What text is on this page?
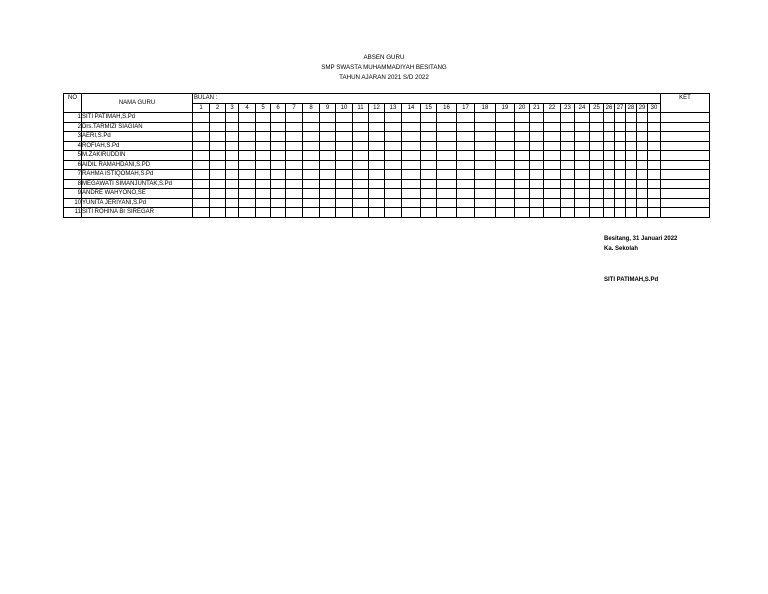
ABSEN GURU
SMP SWASTA MUHAMMADIYAH BESITANG
TAHUN AJARAN 2021 S/D 2022
NO	NAMA GURU	BULAN :																														KET
		1	2	3	4	5	6	7	8	9	10	11	12	13	14	15	16	17	18	19	20	21	22	23	24	25	26	27	28	29	30	
1	SITI PATIMAH,S.Pd																															
2	Drs.TARMIZI SIAGIAN																															
3	AERI,S.Pd																															
4	ROFIAH,S.Pd																															
5	M.ZAKIRUDDIN																															
6	AIDIL RAMAHDANI,S.PD																															
7	RAHMA ISTIQOMAH,S.Pd																															
8	MEGAWATI SIMANJUNTAK,S.Pd																															
9	ANDRE WAHYONO,SE																															
10	YUNITA JERIYANI,S.Pd																															
11	SITI ROHINA Br SIREGAR																															
Besitang, 31 Januari 2022
Ka. Sekolah
SITI PATIMAH,S.Pd
